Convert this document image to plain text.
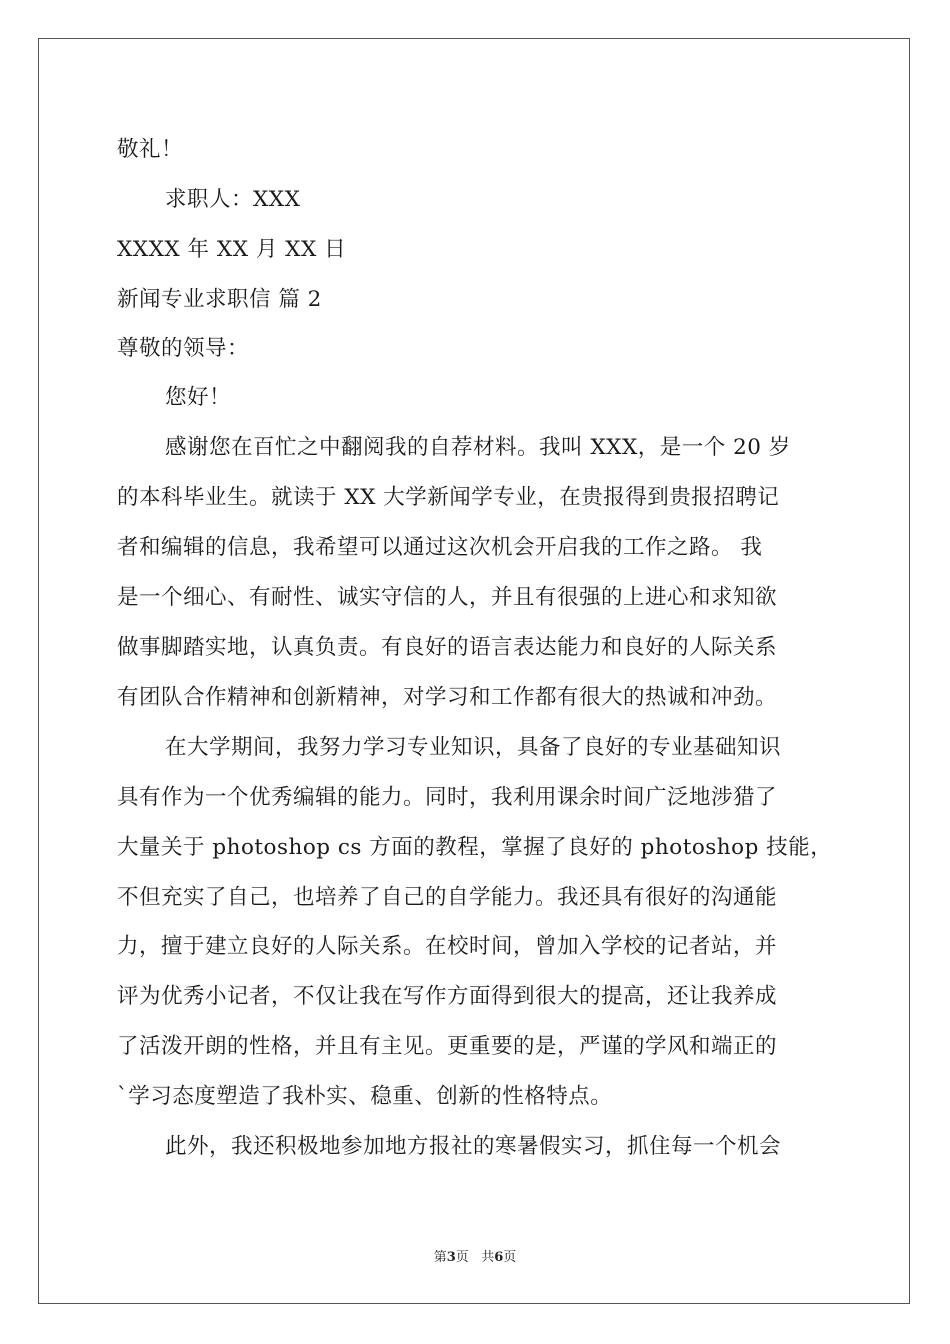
敬礼！
求职人：XXX
XXXX 年 XX 月 XX 日
新闻专业求职信 篇 2
尊敬的领导：
您好！
感谢您在百忙之中翻阅我的自荐材料。我叫 XXX，是一个 20 岁
的本科毕业生。就读于 XX 大学新闻学专业，在贵报得到贵报招聘记
者和编辑的信息，我希望可以通过这次机会开启我的工作之路。 我
是一个细心、有耐性、诚实守信的人，并且有很强的上进心和求知欲
做事脚踏实地，认真负责。有良好的语言表达能力和良好的人际关系
有团队合作精神和创新精神，对学习和工作都有很大的热诚和冲劲。
在大学期间，我努力学习专业知识，具备了良好的专业基础知识
具有作为一个优秀编辑的能力。同时，我利用课余时间广泛地涉猎了
大量关于 photoshop cs 方面的教程，掌握了良好的 photoshop 技能，
不但充实了自己，也培养了自己的自学能力。我还具有很好的沟通能
力，擅于建立良好的人际关系。在校时间，曾加入学校的记者站，并
评为优秀小记者，不仅让我在写作方面得到很大的提高，还让我养成
了活泼开朗的性格，并且有主见。更重要的是，严谨的学风和端正的
`学习态度塑造了我朴实、稳重、创新的性格特点。
此外，我还积极地参加地方报社的寒暑假实习，抓住每一个机会
第3页 共6页
